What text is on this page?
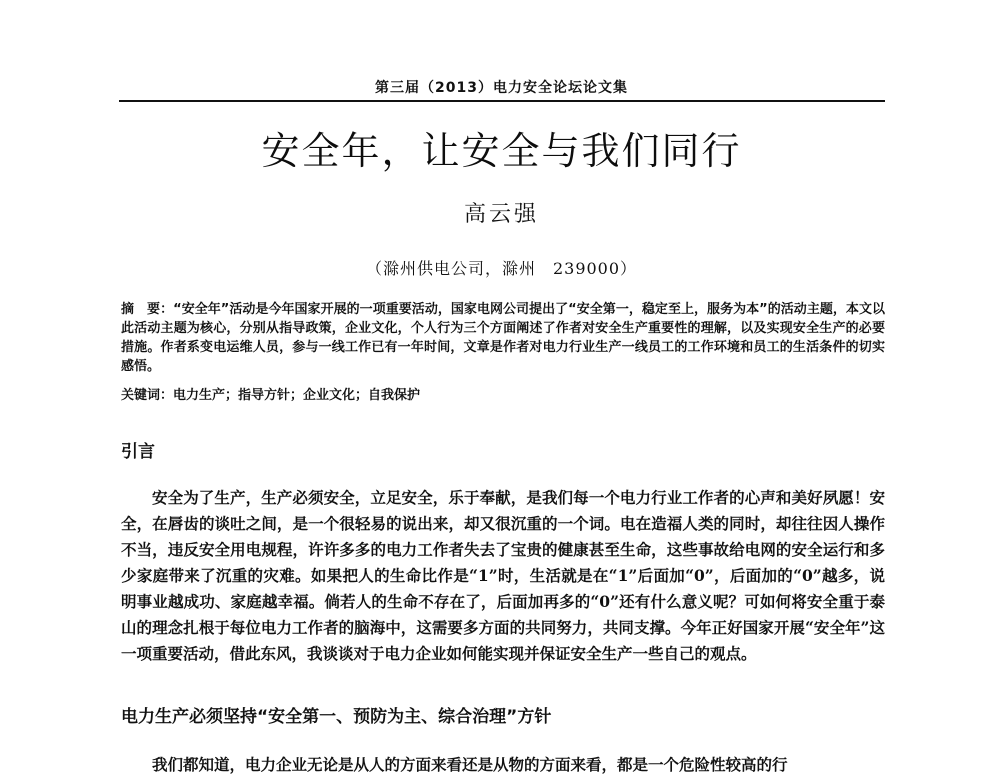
第三届（2013）电力安全论坛论文集
安全年，让安全与我们同行
高云强
（滁州供电公司，滁州　239000）

摘　要：“安全年”活动是今年国家开展的一项重要活动，国家电网公司提出了“安全第一，稳定至上，服务为本”的活动主题，本文以此活动主题为核心，分别从指导政策，企业文化，个人行为三个方面阐述了作者对安全生产重要性的理解，以及实现安全生产的必要措施。作者系变电运维人员，参与一线工作已有一年时间，文章是作者对电力行业生产一线员工的工作环境和员工的生活条件的切实感悟。

关键词：电力生产；指导方针；企业文化；自我保护

引言

安全为了生产，生产必须安全，立足安全，乐于奉献，是我们每一个电力行业工作者的心声和美好夙愿！安全，在唇齿的谈吐之间，是一个很轻易的说出来，却又很沉重的一个词。电在造福人类的同时，却往往因人操作不当，违反安全用电规程，许许多多的电力工作者失去了宝贵的健康甚至生命，这些事故给电网的安全运行和多少家庭带来了沉重的灾难。如果把人的生命比作是“1”时，生活就是在“1”后面加“0”，后面加的“0”越多，说明事业越成功、家庭越幸福。倘若人的生命不存在了，后面加再多的“0”还有什么意义呢？可如何将安全重于泰山的理念扎根于每位电力工作者的脑海中，这需要多方面的共同努力，共同支撑。今年正好国家开展“安全年”这一项重要活动，借此东风，我谈谈对于电力企业如何能实现并保证安全生产一些自己的观点。

电力生产必须坚持“安全第一、预防为主、综合治理”方针

我们都知道，电力企业无论是从人的方面来看还是从物的方面来看，都是一个危险性较高的行
